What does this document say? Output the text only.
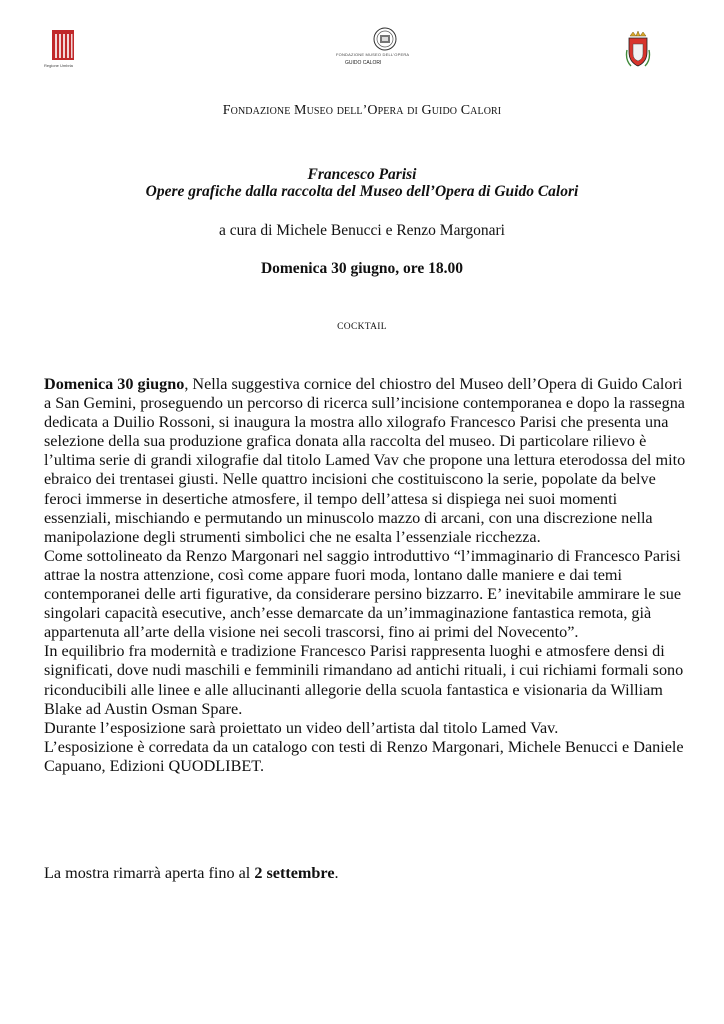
Regione Umbria
FONDAZIONE MUSEO DELL'OPERA
GUIDO CALORI
Fondazione Museo dell’Opera di Guido Calori
Francesco Parisi
Opere grafiche dalla raccolta del Museo dell’Opera di Guido Calori
a cura di Michele Benucci e Renzo Margonari
Domenica 30 giugno, ore 18.00
COCKTAIL

Domenica 30 giugno, Nella suggestiva cornice del chiostro del Museo dell’Opera di Guido Calori a San Gemini, proseguendo un percorso di ricerca sull’incisione contemporanea e dopo la rassegna dedicata a Duilio Rossoni, si inaugura la mostra allo xilografo Francesco Parisi che presenta una selezione della sua produzione grafica donata alla raccolta del museo. Di particolare rilievo è l’ultima serie di grandi xilografie dal titolo Lamed Vav che propone una lettura eterodossa del mito ebraico dei trentasei giusti. Nelle quattro incisioni che costituiscono la serie, popolate da belve feroci immerse in desertiche atmosfere, il tempo dell’attesa si dispiega nei suoi momenti essenziali, mischiando e permutando un minuscolo mazzo di arcani, con una discrezione nella manipolazione degli strumenti simbolici che ne esalta l’essenziale ricchezza.

Come sottolineato da Renzo Margonari nel saggio introduttivo “l’immaginario di Francesco Parisi attrae la nostra attenzione, così come appare fuori moda, lontano dalle maniere e dai temi contemporanei delle arti figurative, da considerare persino bizzarro. E’ inevitabile ammirare le sue singolari capacità esecutive, anch’esse demarcate da un’immaginazione fantastica remota, già appartenuta all’arte della visione nei secoli trascorsi, fino ai primi del Novecento”.

In equilibrio fra modernità e tradizione Francesco Parisi rappresenta luoghi e atmosfere densi di significati, dove nudi maschili e femminili rimandano ad antichi rituali, i cui richiami formali sono riconducibili alle linee e alle allucinanti allegorie della scuola fantastica e visionaria da William Blake ad Austin Osman Spare.

Durante l’esposizione sarà proiettato un video dell’artista dal titolo Lamed Vav.

L’esposizione è corredata da un catalogo con testi di Renzo Margonari, Michele Benucci e Daniele Capuano, Edizioni QUODLIBET.

La mostra rimarrà aperta fino al 2 settembre.
